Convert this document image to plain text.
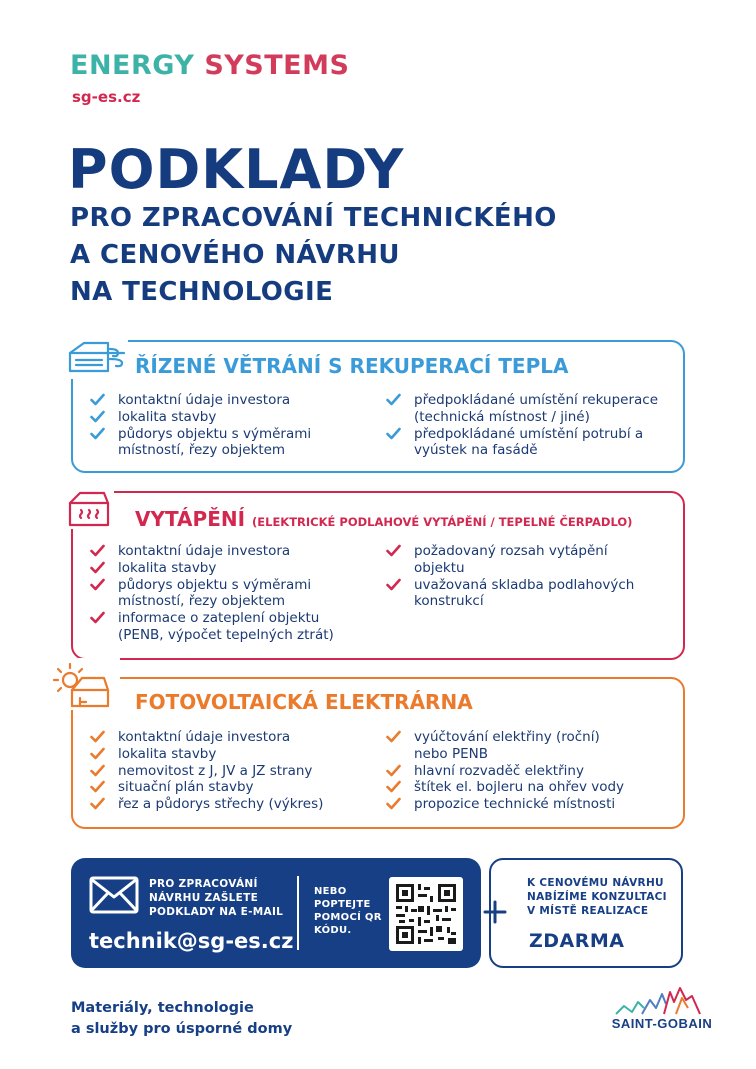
ENERGY SYSTEMS
sg-es.cz
PODKLADY
PRO ZPRACOVÁNÍ TECHNICKÉHO
A CENOVÉHO NÁVRHU
NA TECHNOLOGIE
ŘÍZENÉ VĚTRÁNÍ S REKUPERACÍ TEPLA
kontaktní údaje investora
lokalita stavby
půdorys objektu s výměrami místností, řezy objektem
předpokládané umístění rekuperace (technická místnost / jiné)
předpokládané umístění potrubí a vyústek na fasádě
VYTÁPĚNÍ (ELEKTRICKÉ PODLAHOVÉ VYTÁPĚNÍ / TEPELNÉ ČERPADLO)
kontaktní údaje investora
lokalita stavby
půdorys objektu s výměrami místností, řezy objektem
informace o zateplení objektu (PENB, výpočet tepelných ztrát)
požadovaný rozsah vytápění objektu
uvažovaná skladba podlahových konstrukcí
FOTOVOLTAICKÁ ELEKTRÁRNA
kontaktní údaje investora
lokalita stavby
nemovitost z J, JV a JZ strany
situační plán stavby
řez a půdorys střechy (výkres)
vyúčtování elektřiny (roční) nebo PENB
hlavní rozvaděč elektřiny
štítek el. bojleru na ohřev vody
propozice technické místnosti
PRO ZPRACOVÁNÍ NÁVRHU ZAŠLETE PODKLADY NA E-MAIL
technik@sg-es.cz
NEBO POPTEJTE POMOCÍ QR KÓDU.
K CENOVÉMU NÁVRHU NABÍZÍME KONZULTACI V MÍSTĚ REALIZACE
ZDARMA
Materiály, technologie
a služby pro úsporné domy	SAINT-GOBAIN
